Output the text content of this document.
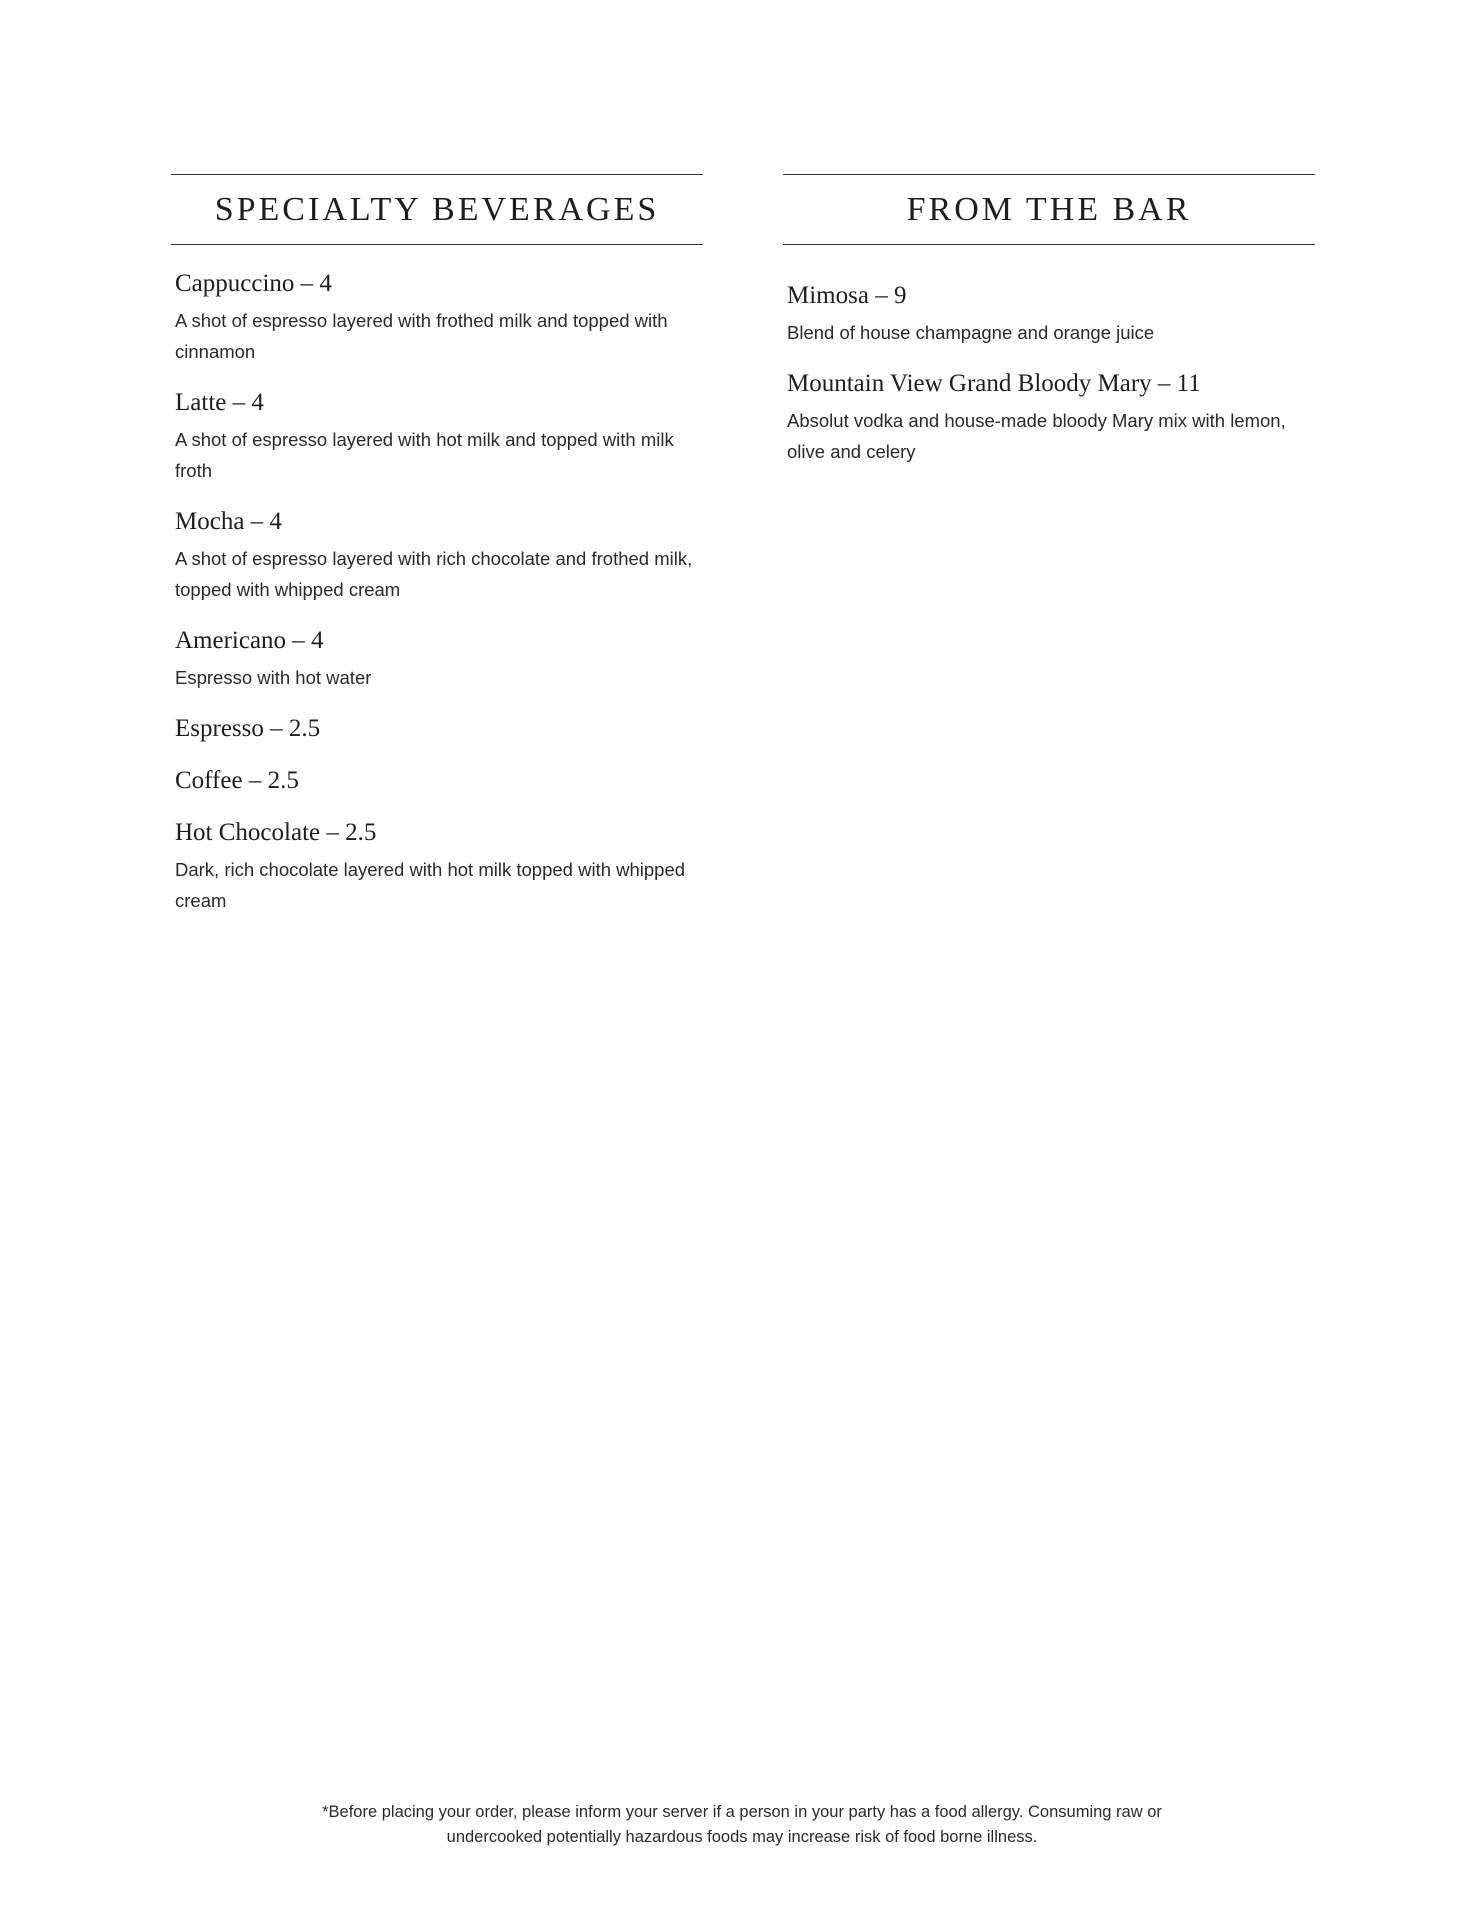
SPECIALTY BEVERAGES
Cappuccino – 4
A shot of espresso layered with frothed milk and topped with cinnamon
Latte – 4
A shot of espresso layered with hot milk and topped with milk froth
Mocha – 4
A shot of espresso layered with rich chocolate and frothed milk, topped with whipped cream
Americano – 4
Espresso with hot water
Espresso – 2.5
Coffee – 2.5
Hot Chocolate – 2.5
Dark, rich chocolate layered with hot milk topped with whipped cream
FROM THE BAR
Mimosa – 9
Blend of house champagne and orange juice
Mountain View Grand Bloody Mary – 11
Absolut vodka and house-made bloody Mary mix with lemon, olive and celery
*Before placing your order, please inform your server if a person in your party has a food allergy. Consuming raw or
undercooked potentially hazardous foods may increase risk of food borne illness.
